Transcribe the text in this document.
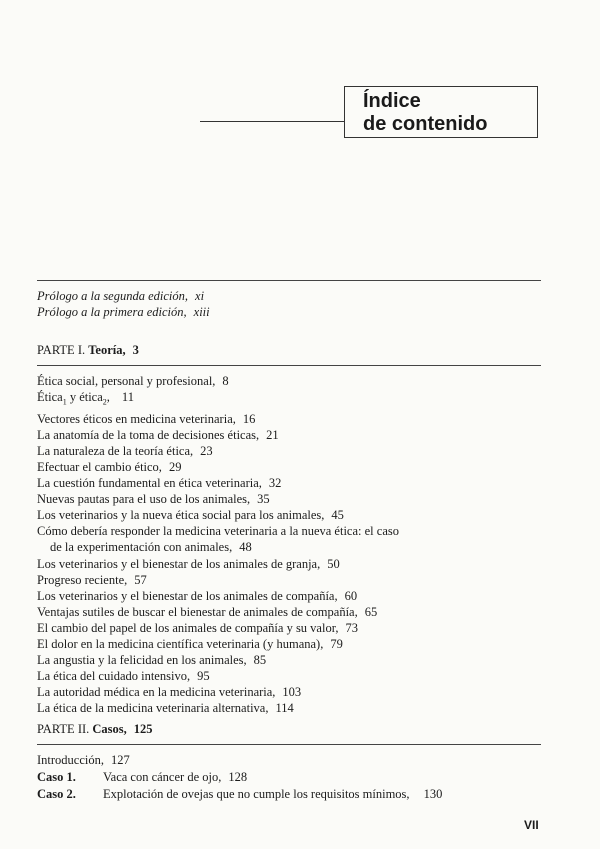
Índice
de contenido
Prólogo a la segunda edición, xi
Prólogo a la primera edición, xiii
PARTE I. Teoría, 3
Ética social, personal y profesional, 8
Ética$_1$ y ética$_2$, 11
Vectores éticos en medicina veterinaria, 16
La anatomía de la toma de decisiones éticas, 21
La naturaleza de la teoría ética, 23
Efectuar el cambio ético, 29
La cuestión fundamental en ética veterinaria, 32
Nuevas pautas para el uso de los animales, 35
Los veterinarios y la nueva ética social para los animales, 45
Cómo debería responder la medicina veterinaria a la nueva ética: el caso
de la experimentación con animales, 48
Los veterinarios y el bienestar de los animales de granja, 50
Progreso reciente, 57
Los veterinarios y el bienestar de los animales de compañía, 60
Ventajas sutiles de buscar el bienestar de animales de compañía, 65
El cambio del papel de los animales de compañía y su valor, 73
El dolor en la medicina científica veterinaria (y humana), 79
La angustia y la felicidad en los animales, 85
La ética del cuidado intensivo, 95
La autoridad médica en la medicina veterinaria, 103
La ética de la medicina veterinaria alternativa, 114
PARTE II. Casos, 125
Introducción, 127
Caso 1.	Vaca con cáncer de ojo, 128
Caso 2.	Explotación de ovejas que no cumple los requisitos mínimos, 130
VII
